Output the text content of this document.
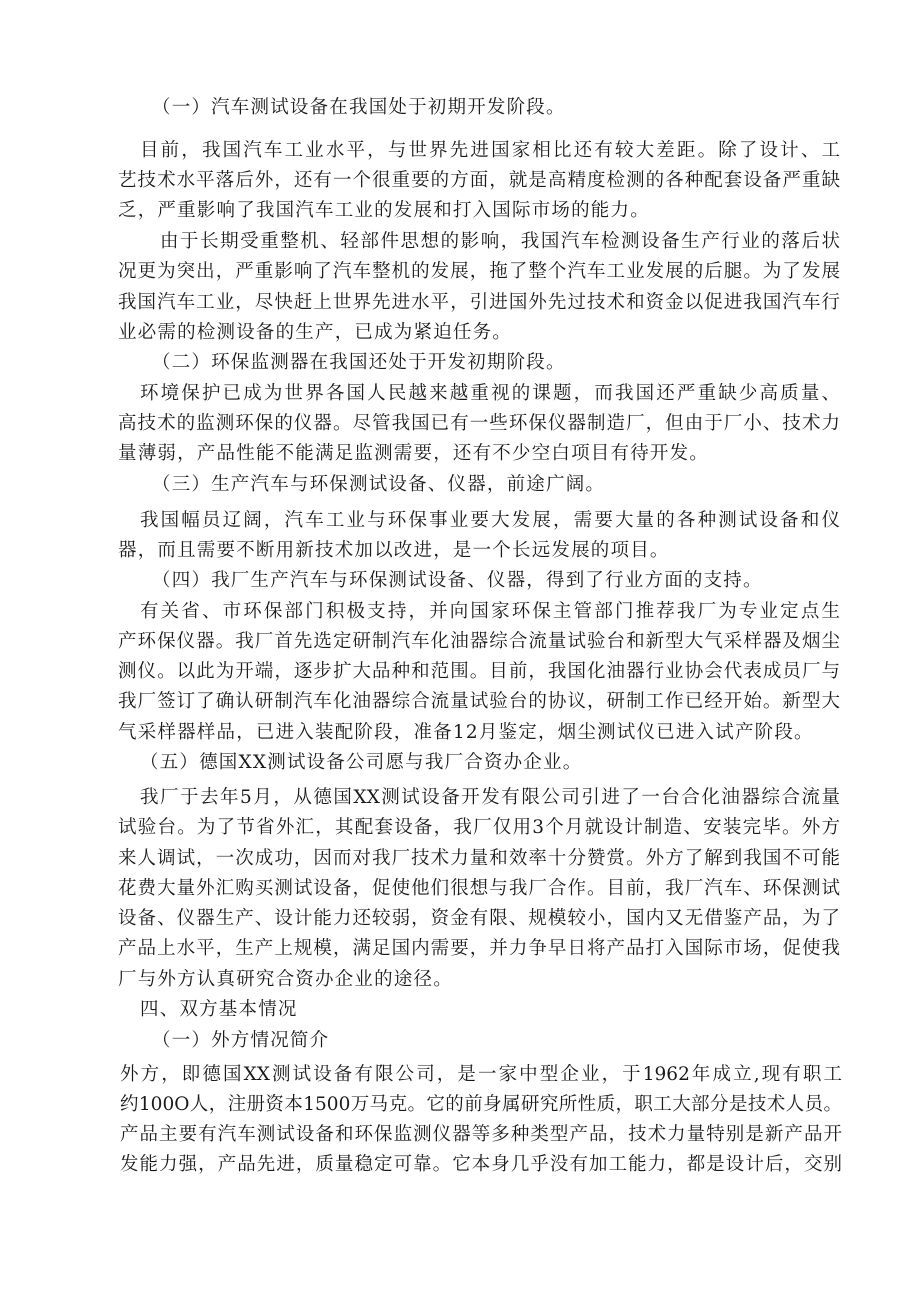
（一）汽车测试设备在我国处于初期开发阶段。
目前，我国汽车工业水平，与世界先进国家相比还有较大差距。除了设计、工
艺技术水平落后外，还有一个很重要的方面，就是高精度检测的各种配套设备严重缺
乏，严重影响了我国汽车工业的发展和打入国际市场的能力。
由于长期受重整机、轻部件思想的影响，我国汽车检测设备生产行业的落后状
况更为突出，严重影响了汽车整机的发展，拖了整个汽车工业发展的后腿。为了发展
我国汽车工业，尽快赶上世界先进水平，引进国外先过技术和资金以促进我国汽车行
业必需的检测设备的生产，已成为紧迫任务。
（二）环保监测器在我国还处于开发初期阶段。
环境保护已成为世界各国人民越来越重视的课题，而我国还严重缺少高质量、
高技术的监测环保的仪器。尽管我国已有一些环保仪器制造厂，但由于厂小、技术力
量薄弱，产品性能不能满足监测需要，还有不少空白项目有待开发。
（三）生产汽车与环保测试设备、仪器，前途广阔。
我国幅员辽阔，汽车工业与环保事业要大发展，需要大量的各种测试设备和仪
器，而且需要不断用新技术加以改进，是一个长远发展的项目。
（四）我厂生产汽车与环保测试设备、仪器，得到了行业方面的支持。
有关省、市环保部门积极支持，并向国家环保主管部门推荐我厂为专业定点生
产环保仪器。我厂首先选定研制汽车化油器综合流量试验台和新型大气采样器及烟尘
测仪。以此为开端，逐步扩大品种和范围。目前，我国化油器行业协会代表成员厂与
我厂签订了确认研制汽车化油器综合流量试验台的协议，研制工作已经开始。新型大
气采样器样品，已进入装配阶段，准备12月鉴定，烟尘测试仪已进入试产阶段。
（五）德国XX测试设备公司愿与我厂合资办企业。
我厂于去年5月，从德国XX测试设备开发有限公司引进了一台合化油器综合流量
试验台。为了节省外汇，其配套设备，我厂仅用3个月就设计制造、安装完毕。外方
来人调试，一次成功，因而对我厂技术力量和效率十分赞赏。外方了解到我国不可能
花费大量外汇购买测试设备，促使他们很想与我厂合作。目前，我厂汽车、环保测试
设备、仪器生产、设计能力还较弱，资金有限、规模较小，国内又无借鉴产品，为了
产品上水平，生产上规模，满足国内需要，并力争早日将产品打入国际市场，促使我
厂与外方认真研究合资办企业的途径。
四、双方基本情况
（一）外方情况简介
外方，即德国XX测试设备有限公司，是一家中型企业，于1962年成立,现有职工
约100O人，注册资本1500万马克。它的前身属研究所性质，职工大部分是技术人员。
产品主要有汽车测试设备和环保监测仪器等多种类型产品，技术力量特别是新产品开
发能力强，产品先进，质量稳定可靠。它本身几乎没有加工能力，都是设计后，交别
